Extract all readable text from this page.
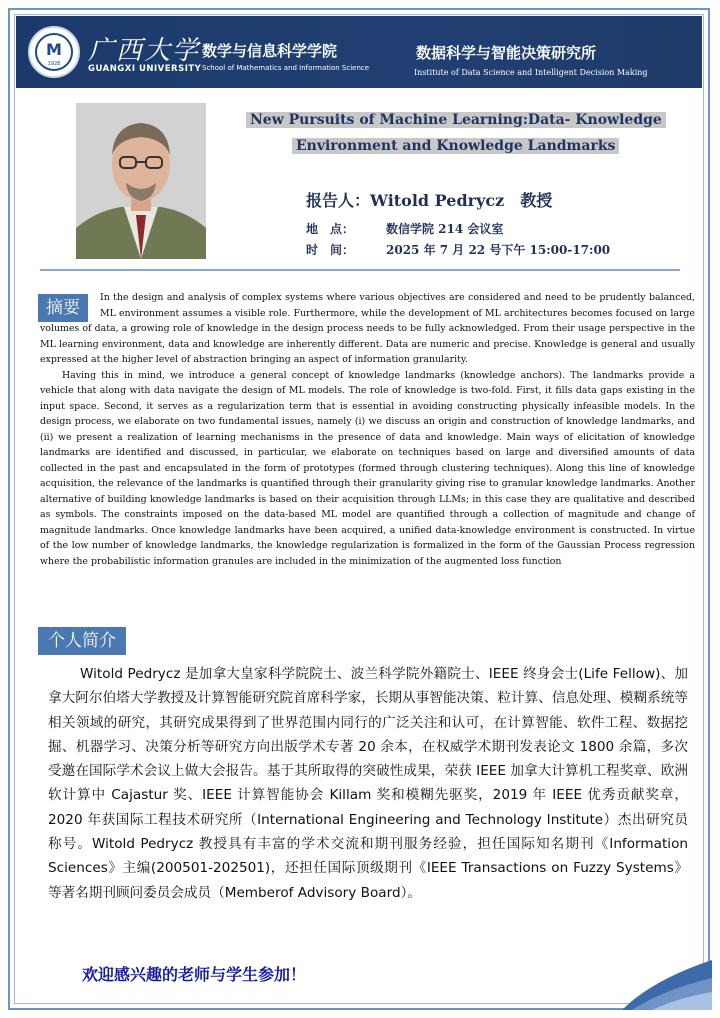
M
1928	广西大学
GUANGXI UNIVERSITY
数学与信息科学学院
School of Mathematics and Information Science
数据科学与智能决策研究所
Institute of Data Science and Intelligent Decision Making
New Pursuits of Machine Learning:Data- Knowledge
Environment and Knowledge Landmarks
报告人：Witold Pedrycz　教授
地　点：	数信学院 214 会议室
时　间：	2025 年 7 月 22 号下午 15:00-17:00
摘要

In the design and analysis of complex systems where various objectives are considered and need to be prudently balanced, ML environment assumes a visible role. Furthermore, while the development of ML architectures becomes focused on large volumes of data, a growing role of knowledge in the design process needs to be fully acknowledged. From their usage perspective in the ML learning environment, data and knowledge are inherently different. Data are numeric and precise. Knowledge is general and usually expressed at the higher level of abstraction bringing an aspect of information granularity.

Having this in mind, we introduce a general concept of knowledge landmarks (knowledge anchors). The landmarks provide a vehicle that along with data navigate the design of ML models. The role of knowledge is two-fold. First, it fills data gaps existing in the input space. Second, it serves as a regularization term that is essential in avoiding constructing physically infeasible models. In the design process, we elaborate on two fundamental issues, namely (i) we discuss an origin and construction of knowledge landmarks, and (ii) we present a realization of learning mechanisms in the presence of data and knowledge. Main ways of elicitation of knowledge landmarks are identified and discussed, in particular, we elaborate on techniques based on large and diversified amounts of data collected in the past and encapsulated in the form of prototypes (formed through clustering techniques). Along this line of knowledge acquisition, the relevance of the landmarks is quantified through their granularity giving rise to granular knowledge landmarks. Another alternative of building knowledge landmarks is based on their acquisition through LLMs; in this case they are qualitative and described as symbols. The constraints imposed on the data-based ML model are quantified through a collection of magnitude and change of magnitude landmarks. Once knowledge landmarks have been acquired, a unified data-knowledge environment is constructed. In virtue of the low number of knowledge landmarks, the knowledge regularization is formalized in the form of the Gaussian Process regression where the probabilistic information granules are included in the minimization of the augmented loss function

个人简介

Witold Pedrycz 是加拿大皇家科学院院士、波兰科学院外籍院士、IEEE 终身会士(Life Fellow)、加拿大阿尔伯塔大学教授及计算智能研究院首席科学家，长期从事智能决策、粒计算、信息处理、模糊系统等相关领域的研究，其研究成果得到了世界范围内同行的广泛关注和认可，在计算智能、软件工程、数据挖掘、机器学习、决策分析等研究方向出版学术专著 20 余本，在权威学术期刊发表论文 1800 余篇，多次受邀在国际学术会议上做大会报告。基于其所取得的突破性成果，荣获 IEEE 加拿大计算机工程奖章、欧洲软计算中 Cajastur 奖、IEEE 计算智能协会 Killam 奖和模糊先驱奖，2019 年 IEEE 优秀贡献奖章，2020 年获国际工程技术研究所（International Engineering and Technology Institute）杰出研究员称号。Witold Pedrycz 教授具有丰富的学术交流和期刊服务经验，担任国际知名期刊《Information Sciences》主编(200501-202501)，还担任国际顶级期刊《IEEE Transactions on Fuzzy Systems》等著名期刊顾问委员会成员（Memberof Advisory Board）。

欢迎感兴趣的老师与学生参加！
